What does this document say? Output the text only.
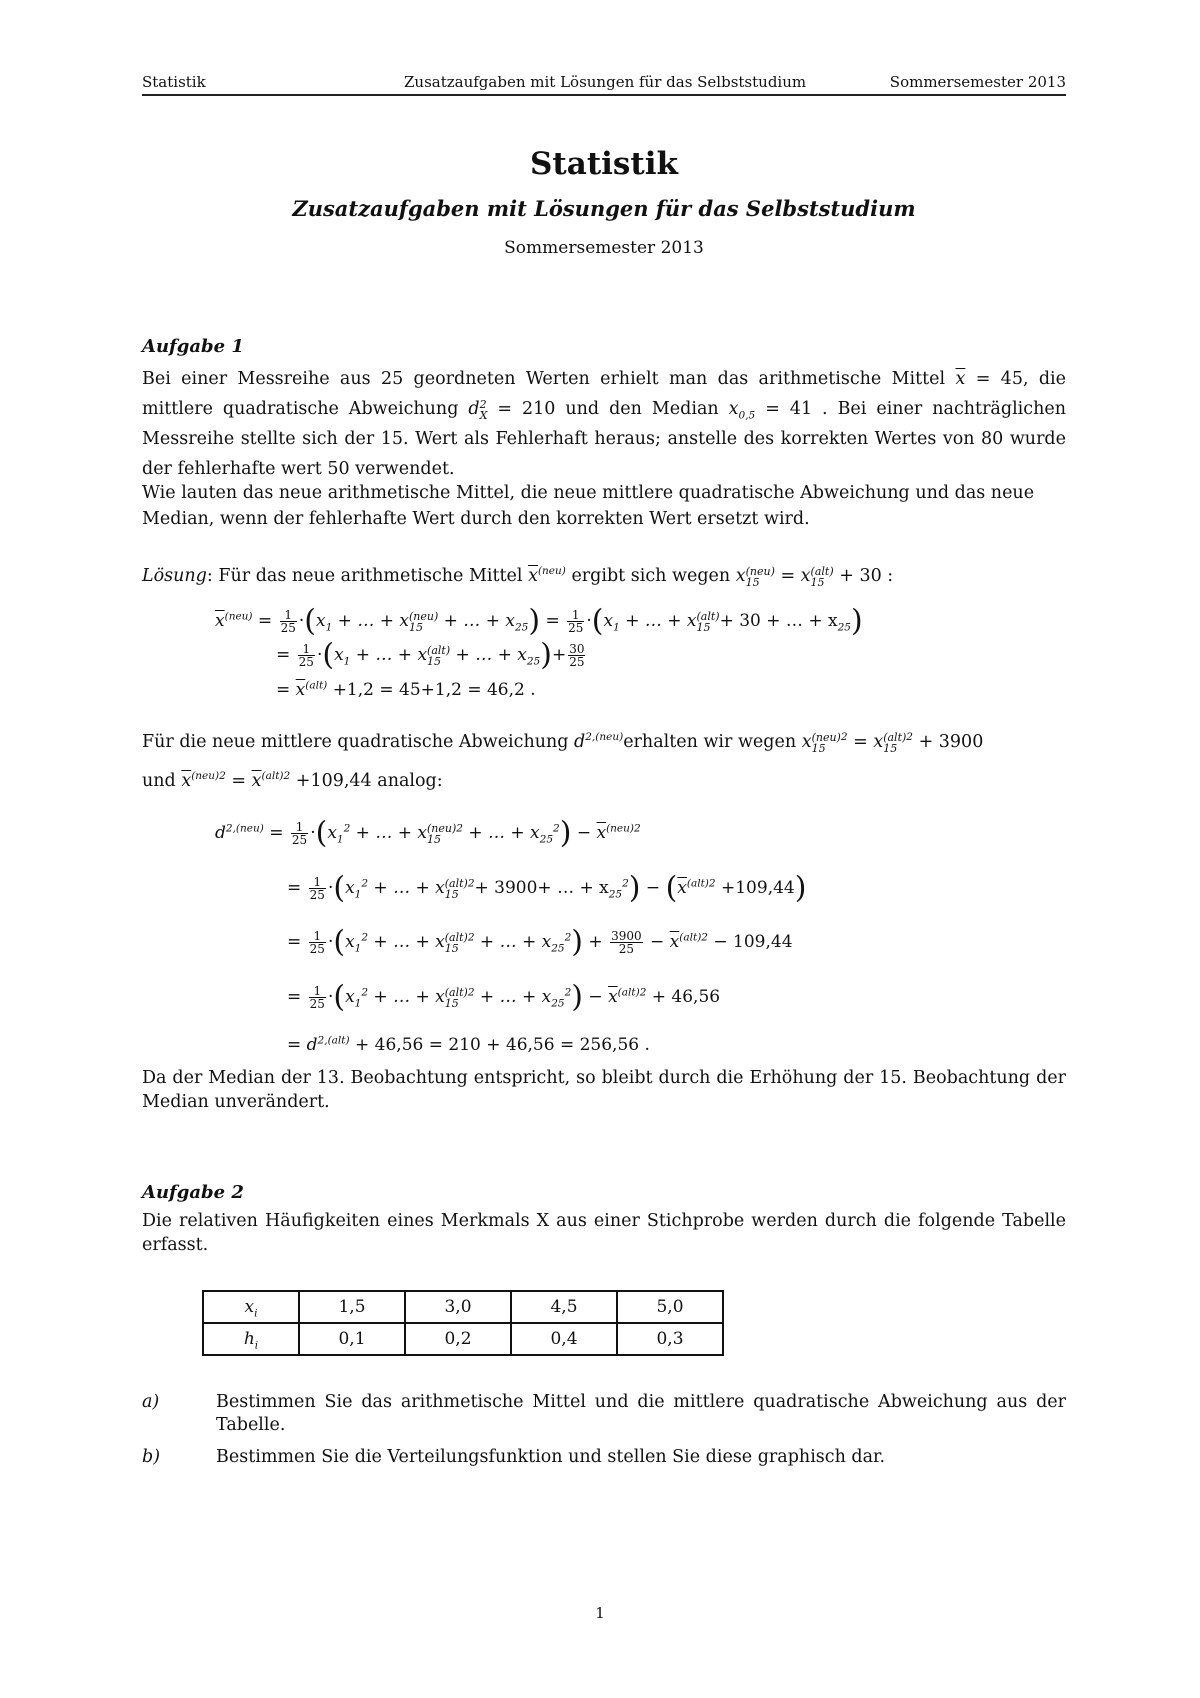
Statistik	Zusatzaufgaben mit Lösungen für das Selbststudium	Sommersemester 2013
Statistik
Zusatzaufgaben mit Lösungen für das Selbststudium

Sommersemester 2013

Aufgabe 1

Bei einer Messreihe aus 25 geordneten Werten erhielt man das arithmetische Mittel $\overline{x} = 45$, die mittlere quadratische Abweichung d 2
X = 210 und den Median $x_{0,5} = 41$ . Bei einer nachträglichen Messreihe stellte sich der 15. Wert als Fehlerhaft heraus; anstelle des korrekten Wertes von 80 wurde der fehlerhafte wert 50 verwendet.

Wie lauten das neue arithmetische Mittel, die neue mittlere quadratische Abweichung und das neue Median, wenn der fehlerhafte Wert durch den korrekten Wert ersetzt wird.

Lösung: Für das neue arithmetische Mittel $\overline{x}^{(neu)}$ ergibt sich wegen x (neu)
15 = x (alt)
15 + 30 :

$\overline{x}^{(neu)} = \frac{1}{25} \cdot(x_1$ + … + x (neu)
15 + … + $x_{25}) = \frac{1}{25} \cdot(x_1$ + … + x (alt)
15 + 30 + … + $x_{25}$)
= $\frac{1}{25} \cdot(x_1$ + … + x (alt)
15 + … + $x_{25})+ \frac{30}{25}$
= $\overline{x}^{(alt)} +1,2 = 45+1,2 = 46,2$ .

Für die neue mittlere quadratische Abweichung $d^{2,(neu)}erhalten$ wir wegen x (neu)
15
$^2$ = x (alt)
15
$^2$ + 3900

und $\overline{x}^{(neu)2} = \overline{x}^{(alt)2} +109,44$ analog:

$d^{2,(neu)} = \frac{1}{25} \cdot(x_1^2$ + … + x (neu)
15
$^2$ + … + $x_{25}^2) - \overline{x}^{(neu)2}$
= $\frac{1}{25} \cdot(x_1^2$ + … + x (alt)
15
$^2$+ 3900+ … + $x_{25}^2) - (\overline{x}^{(alt)2} +109,44)$
= $\frac{1}{25} \cdot(x_1^2$ + … + x (alt)
15
$^2$ + … + $x_{25}^2) + \frac{3900}{25} - \overline{x}^{(alt)2} - 109,44$
= $\frac{1}{25} \cdot(x_1^2$ + … + x (alt)
15
$^2$ + … + $x_{25}^2) - \overline{x}^{(alt)2} + 46,56$
= $d^{2,(alt)} + 46,56 = 210 + 46,56 = 256,56$ .

Da der Median der 13. Beobachtung entspricht, so bleibt durch die Erhöhung der 15. Beobachtung der Median unverändert.

Aufgabe 2

Die relativen Häufigkeiten eines Merkmals X aus einer Stichprobe werden durch die folgende Tabelle erfasst.

$x_i$	1,5	3,0	4,5	5,0
$h_i$	0,1	0,2	0,4	0,3
a)	Bestimmen Sie das arithmetische Mittel und die mittlere quadratische Abweichung aus der Tabelle.
b)	Bestimmen Sie die Verteilungsfunktion und stellen Sie diese graphisch dar.
1
